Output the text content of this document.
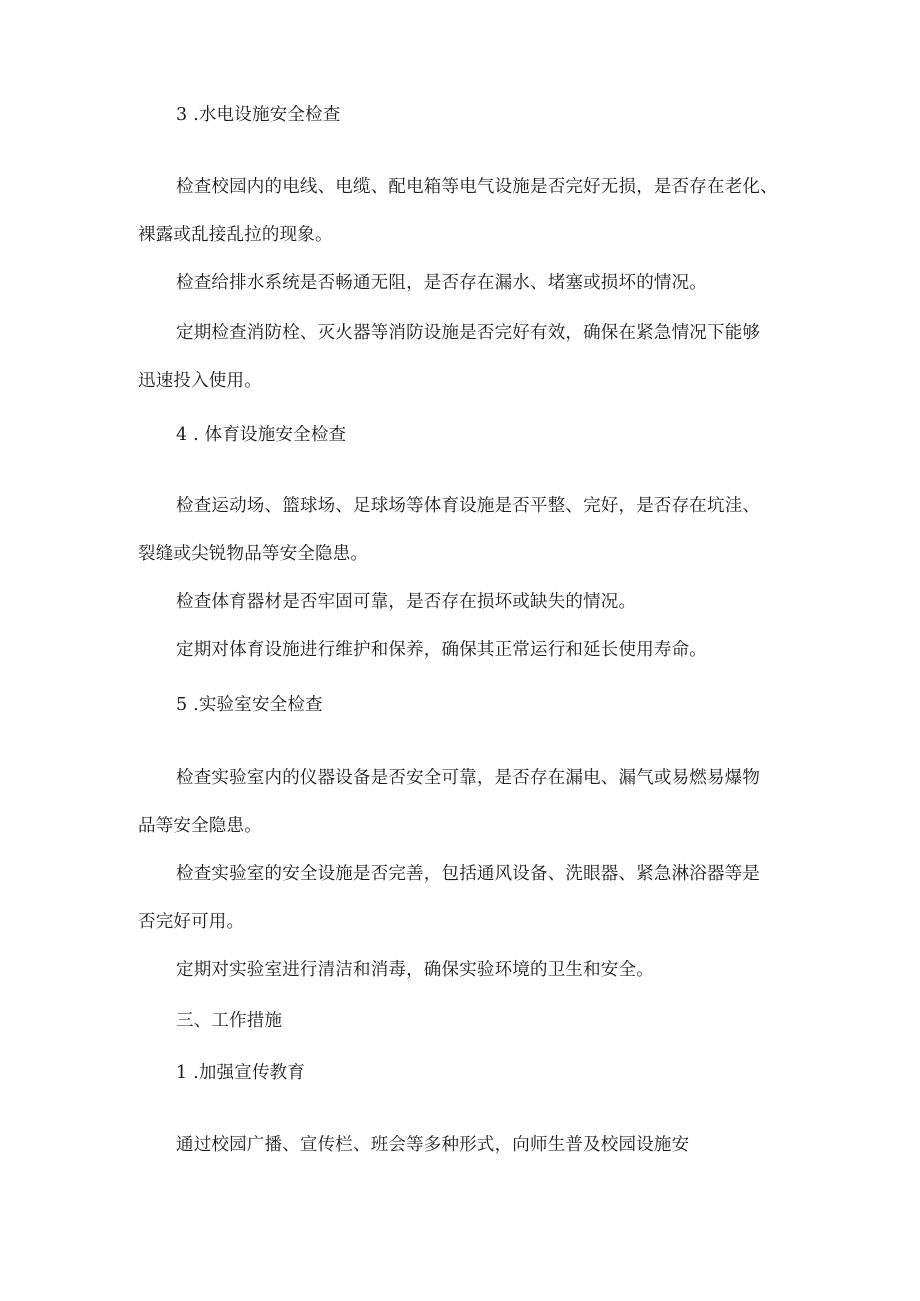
3 .水电设施安全检查
检查校园内的电线、电缆、配电箱等电气设施是否完好无损，是否存在老化、
裸露或乱接乱拉的现象。
检查给排水系统是否畅通无阻，是否存在漏水、堵塞或损坏的情况。
定期检查消防栓、灭火器等消防设施是否完好有效，确保在紧急情况下能够
迅速投入使用。
4 . 体育设施安全检查
检查运动场、篮球场、足球场等体育设施是否平整、完好，是否存在坑洼、
裂缝或尖锐物品等安全隐患。
检查体育器材是否牢固可靠，是否存在损坏或缺失的情况。
定期对体育设施进行维护和保养，确保其正常运行和延长使用寿命。
5 .实验室安全检查
检查实验室内的仪器设备是否安全可靠，是否存在漏电、漏气或易燃易爆物
品等安全隐患。
检查实验室的安全设施是否完善，包括通风设备、洗眼器、紧急淋浴器等是
否完好可用。
定期对实验室进行清洁和消毒，确保实验环境的卫生和安全。
三、工作措施
1 .加强宣传教育
通过校园广播、宣传栏、班会等多种形式，向师生普及校园设施安
